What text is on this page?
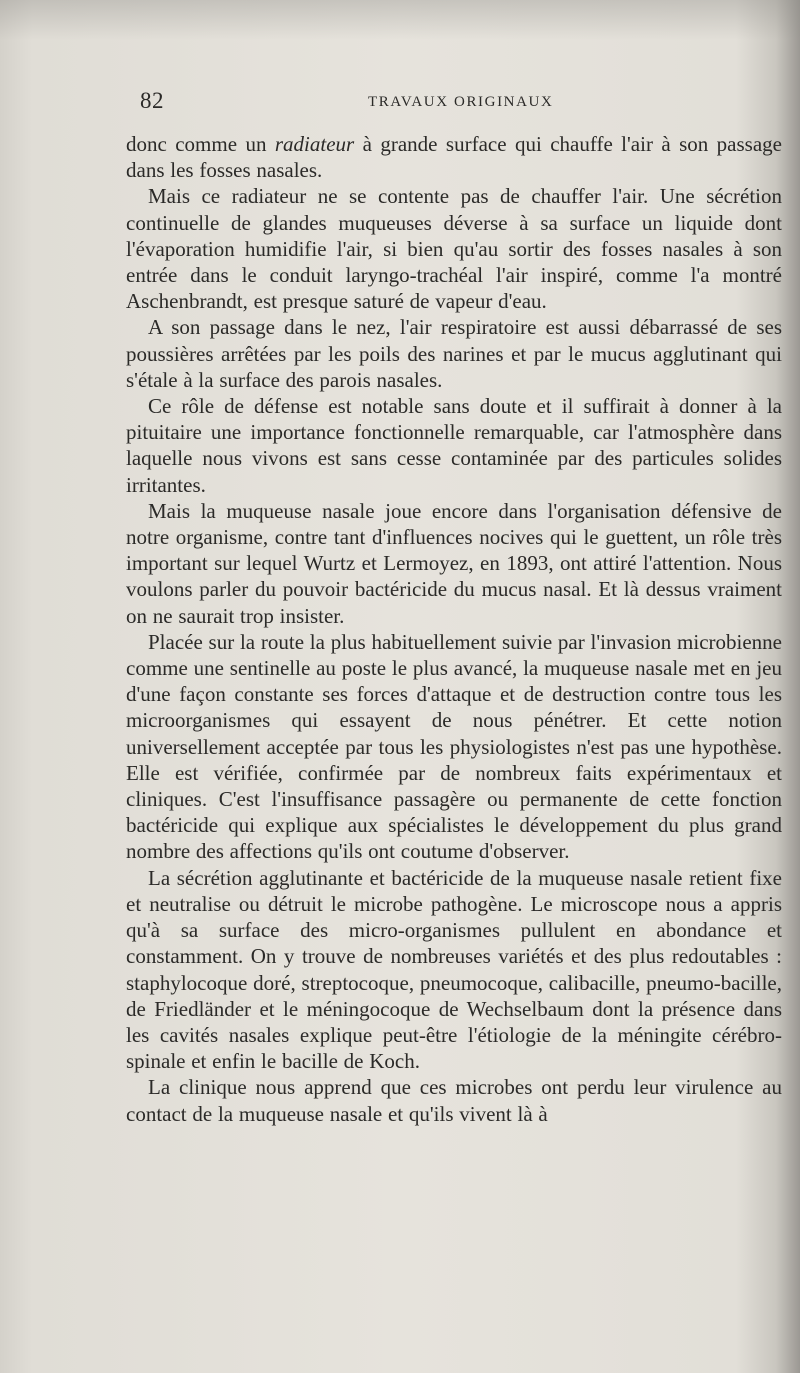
82	TRAVAUX ORIGINAUX

donc comme un radiateur à grande surface qui chauffe l'air à son passage dans les fosses nasales.

Mais ce radiateur ne se contente pas de chauffer l'air. Une sécrétion continuelle de glandes muqueuses déverse à sa surface un liquide dont l'évaporation humidifie l'air, si bien qu'au sortir des fosses nasales à son entrée dans le conduit laryngo-trachéal l'air inspiré, comme l'a montré Aschenbrandt, est presque saturé de vapeur d'eau.

A son passage dans le nez, l'air respiratoire est aussi débarrassé de ses poussières arrêtées par les poils des narines et par le mucus agglutinant qui s'étale à la surface des parois nasales.

Ce rôle de défense est notable sans doute et il suffirait à donner à la pituitaire une importance fonctionnelle remarquable, car l'atmosphère dans laquelle nous vivons est sans cesse contaminée par des particules solides irritantes.

Mais la muqueuse nasale joue encore dans l'organisation défensive de notre organisme, contre tant d'influences nocives qui le guettent, un rôle très important sur lequel Wurtz et Lermoyez, en 1893, ont attiré l'attention. Nous voulons parler du pouvoir bactéricide du mucus nasal. Et là dessus vraiment on ne saurait trop insister.

Placée sur la route la plus habituellement suivie par l'invasion microbienne comme une sentinelle au poste le plus avancé, la muqueuse nasale met en jeu d'une façon constante ses forces d'attaque et de destruction contre tous les microorganismes qui essayent de nous pénétrer. Et cette notion universellement acceptée par tous les physiologistes n'est pas une hypothèse. Elle est vérifiée, confirmée par de nombreux faits expérimentaux et cliniques. C'est l'insuffisance passagère ou permanente de cette fonction bactéricide qui explique aux spécialistes le développement du plus grand nombre des affections qu'ils ont coutume d'observer.

La sécrétion agglutinante et bactéricide de la muqueuse nasale retient fixe et neutralise ou détruit le microbe pathogène. Le microscope nous a appris qu'à sa surface des micro-organismes pullulent en abondance et constamment. On y trouve de nombreuses variétés et des plus redoutables : staphylocoque doré, streptocoque, pneumocoque, calibacille, pneumo-bacille, de Friedländer et le méningocoque de Wechselbaum dont la présence dans les cavités nasales explique peut-être l'étiologie de la méningite cérébro-spinale et enfin le bacille de Koch.

La clinique nous apprend que ces microbes ont perdu leur virulence au contact de la muqueuse nasale et qu'ils vivent là à
